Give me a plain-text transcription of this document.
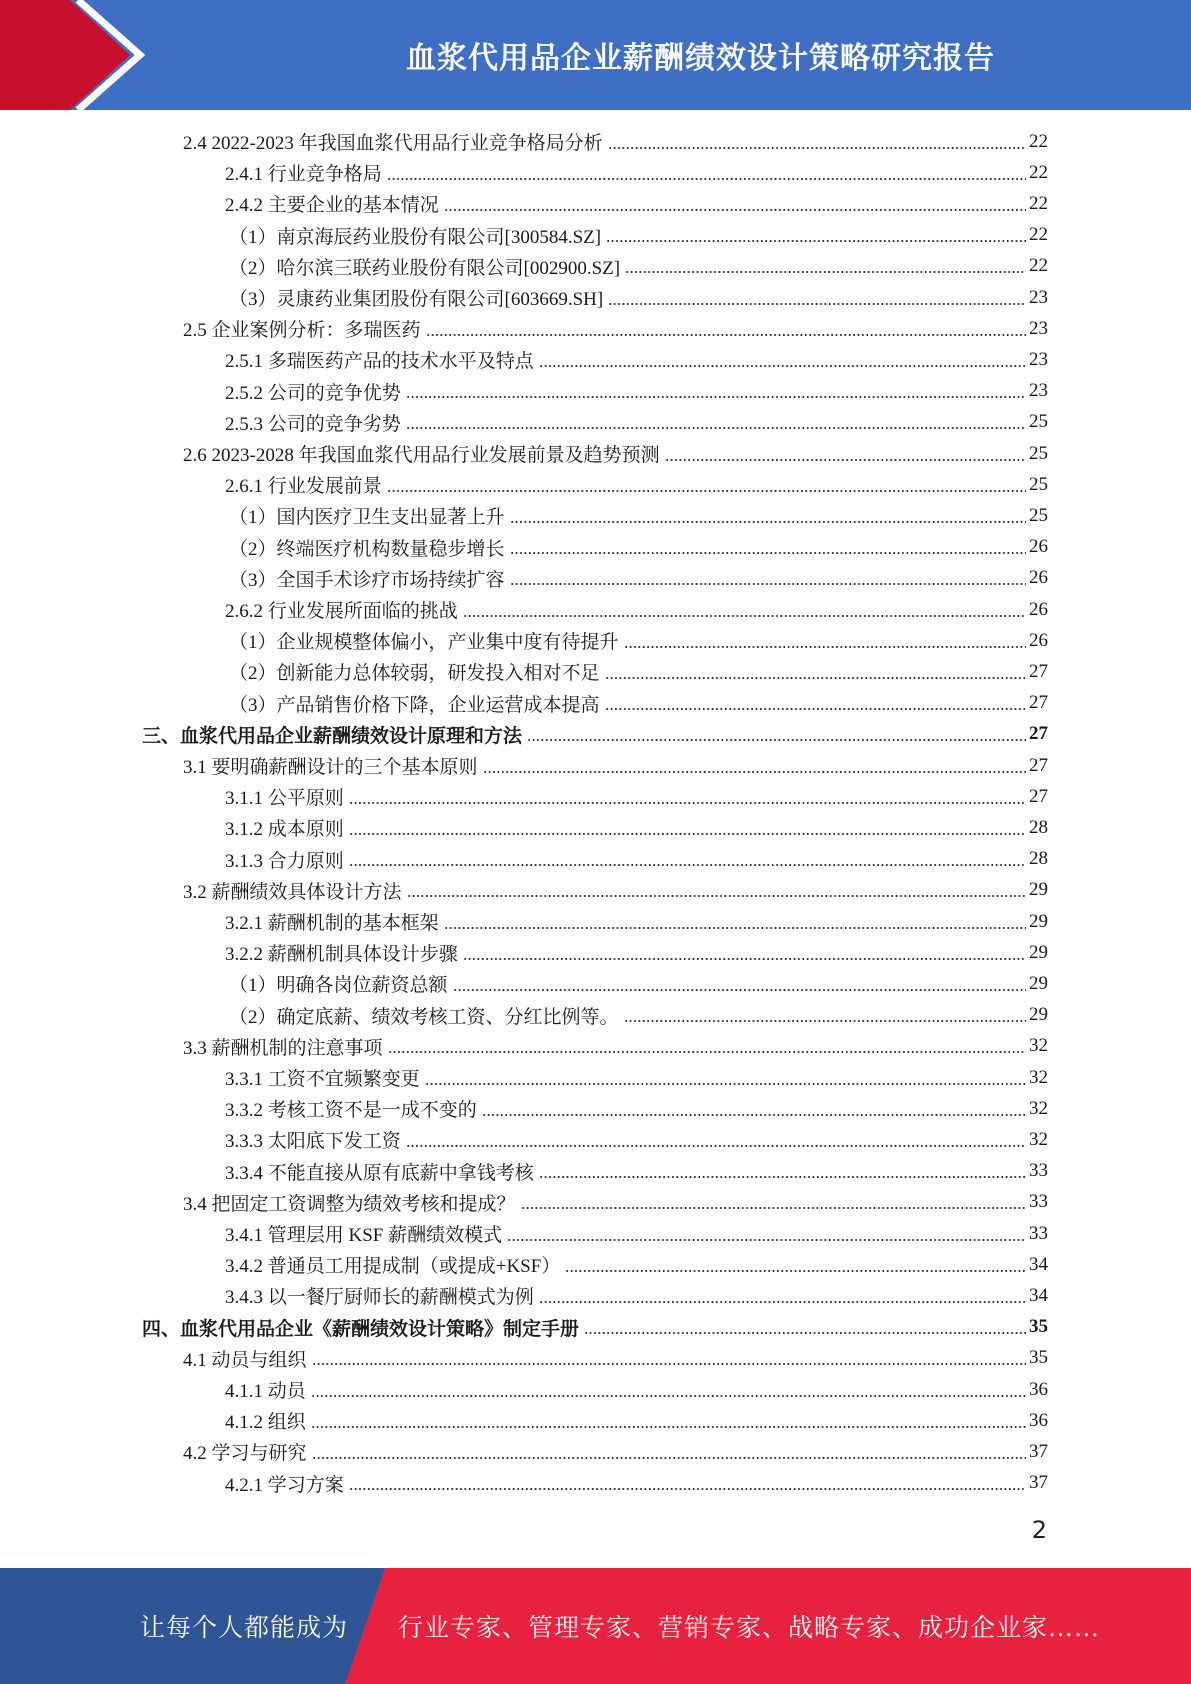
血浆代用品企业薪酬绩效设计策略研究报告
2.4 2022-2023 年我国血浆代用品行业竞争格局分析	22
2.4.1 行业竞争格局	22
2.4.2 主要企业的基本情况	22
（1）南京海辰药业股份有限公司[300584.SZ]	22
（2）哈尔滨三联药业股份有限公司[002900.SZ]	22
（3）灵康药业集团股份有限公司[603669.SH]	23
2.5 企业案例分析：多瑞医药	23
2.5.1 多瑞医药产品的技术水平及特点	23
2.5.2 公司的竞争优势	23
2.5.3 公司的竞争劣势	25
2.6 2023-2028 年我国血浆代用品行业发展前景及趋势预测	25
2.6.1 行业发展前景	25
（1）国内医疗卫生支出显著上升	25
（2）终端医疗机构数量稳步增长	26
（3）全国手术诊疗市场持续扩容	26
2.6.2 行业发展所面临的挑战	26
（1）企业规模整体偏小，产业集中度有待提升	26
（2）创新能力总体较弱，研发投入相对不足	27
（3）产品销售价格下降，企业运营成本提高	27
三、血浆代用品企业薪酬绩效设计原理和方法	27
3.1 要明确薪酬设计的三个基本原则	27
3.1.1 公平原则	27
3.1.2 成本原则	28
3.1.3 合力原则	28
3.2 薪酬绩效具体设计方法	29
3.2.1 薪酬机制的基本框架	29
3.2.2 薪酬机制具体设计步骤	29
（1）明确各岗位薪资总额	29
（2）确定底薪、绩效考核工资、分红比例等。	29
3.3 薪酬机制的注意事项	32
3.3.1 工资不宜频繁变更	32
3.3.2 考核工资不是一成不变的	32
3.3.3 太阳底下发工资	32
3.3.4 不能直接从原有底薪中拿钱考核	33
3.4 把固定工资调整为绩效考核和提成？	33
3.4.1 管理层用 KSF 薪酬绩效模式	33
3.4.2 普通员工用提成制（或提成+KSF）	34
3.4.3 以一餐厅厨师长的薪酬模式为例	34
四、血浆代用品企业《薪酬绩效设计策略》制定手册	35
4.1 动员与组织	35
4.1.1 动员	36
4.1.2 组织	36
4.2 学习与研究	37
4.2.1 学习方案	37
2
让每个人都能成为 行业专家、管理专家、营销专家、战略专家、成功企业家……
